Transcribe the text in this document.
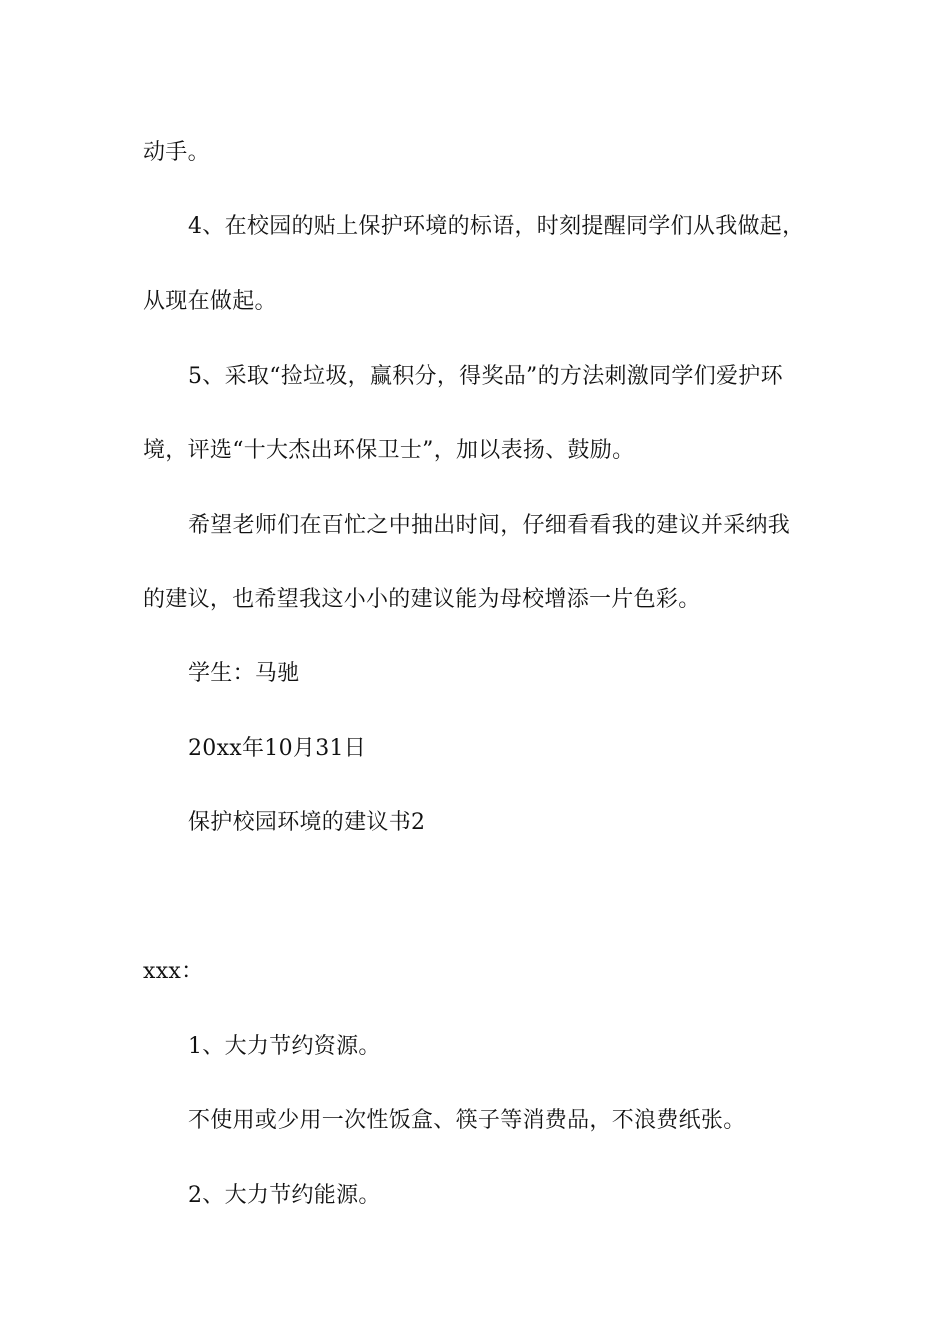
动手。

4、在校园的贴上保护环境的标语，时刻提醒同学们从我做起，

从现在做起。

5、采取“捡垃圾，赢积分，得奖品”的方法刺激同学们爱护环

境，评选“十大杰出环保卫士”，加以表扬、鼓励。

希望老师们在百忙之中抽出时间，仔细看看我的建议并采纳我

的建议，也希望我这小小的建议能为母校增添一片色彩。

学生：马驰

20xx年10月31日

保护校园环境的建议书2

xxx：

1、大力节约资源。

不使用或少用一次性饭盒、筷子等消费品，不浪费纸张。

2、大力节约能源。
